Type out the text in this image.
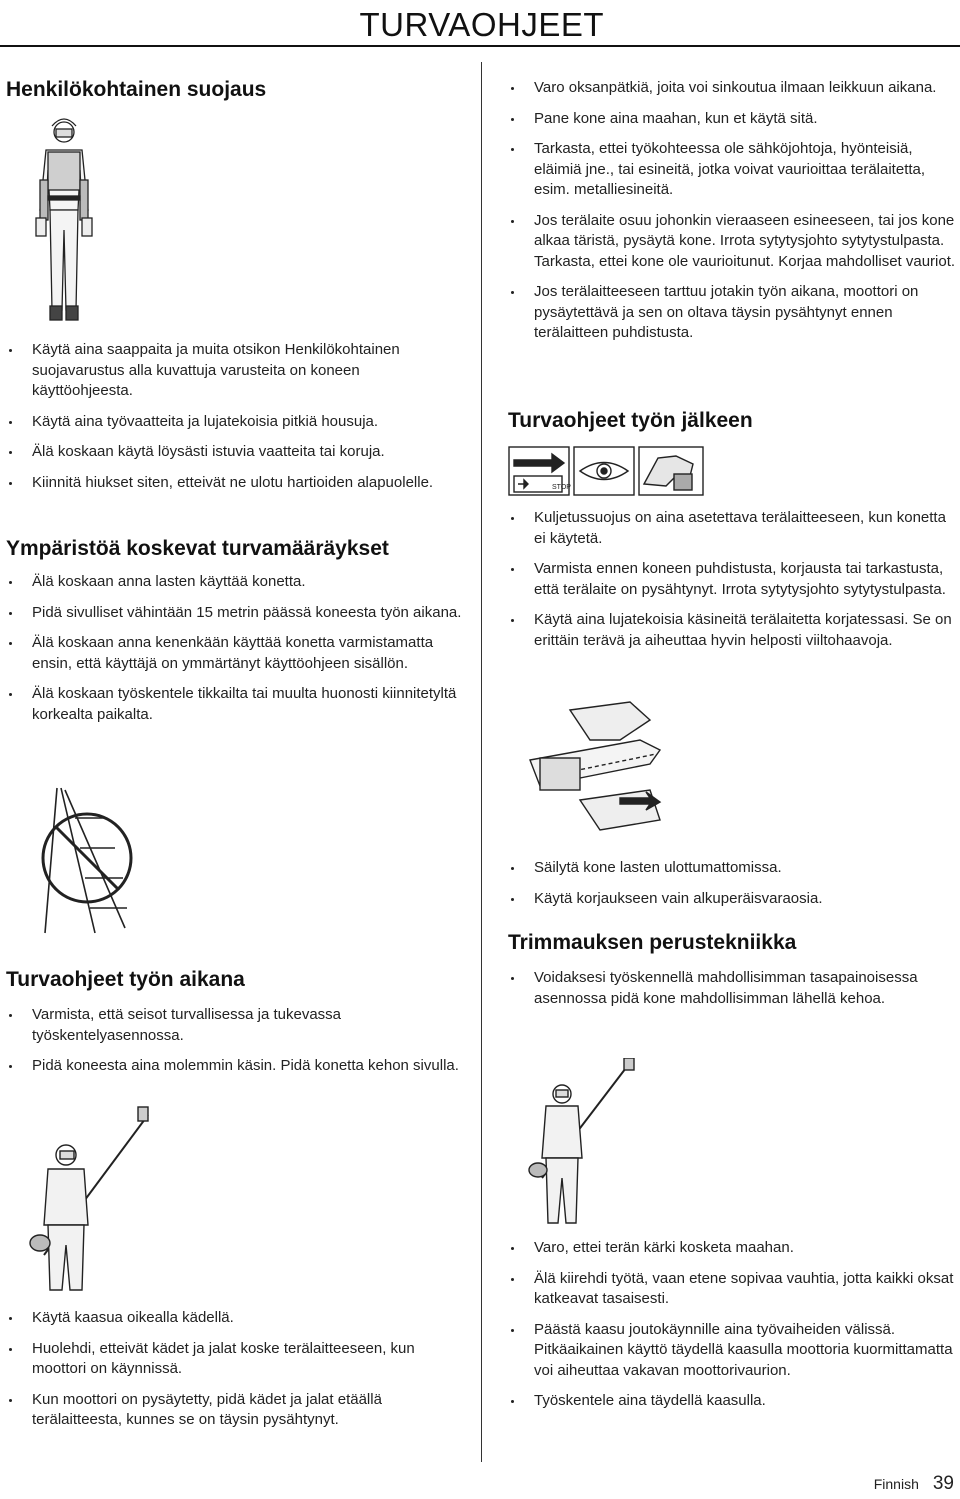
TURVAOHJEET
Henkilökohtainen suojaus
Käytä aina saappaita ja muita otsikon Henkilökohtainen suojavarustus alla kuvattuja varusteita on koneen käyttöohjeesta.
Käytä aina työvaatteita ja lujatekoisia pitkiä housuja.
Älä koskaan käytä löysästi istuvia vaatteita tai koruja.
Kiinnitä hiukset siten, etteivät ne ulotu hartioiden alapuolelle.
Ympäristöä koskevat turvamääräykset
Älä koskaan anna lasten käyttää konetta.
Pidä sivulliset vähintään 15 metrin päässä koneesta työn aikana.
Älä koskaan anna kenenkään käyttää konetta varmistamatta ensin, että käyttäjä on ymmärtänyt käyttöohjeen sisällön.
Älä koskaan työskentele tikkailta tai muulta huonosti kiinnitetyltä korkealta paikalta.
Turvaohjeet työn aikana
Varmista, että seisot turvallisessa ja tukevassa työskentelyasennossa.
Pidä koneesta aina molemmin käsin. Pidä konetta kehon sivulla.
Käytä kaasua oikealla kädellä.
Huolehdi, etteivät kädet ja jalat koske terälaitteeseen, kun moottori on käynnissä.
Kun moottori on pysäytetty, pidä kädet ja jalat etäällä terälaitteesta, kunnes se on täysin pysähtynyt.
Varo oksanpätkiä, joita voi sinkoutua ilmaan leikkuun aikana.
Pane kone aina maahan, kun et käytä sitä.
Tarkasta, ettei työkohteessa ole sähköjohtoja, hyönteisiä, eläimiä jne., tai esineitä, jotka voivat vaurioittaa terälaitetta, esim. metalliesineitä.
Jos terälaite osuu johonkin vieraaseen esineeseen, tai jos kone alkaa täristä, pysäytä kone. Irrota sytytysjohto sytytystulpasta. Tarkasta, ettei kone ole vaurioitunut. Korjaa mahdolliset vauriot.
Jos terälaitteeseen tarttuu jotakin työn aikana, moottori on pysäytettävä ja sen on oltava täysin pysähtynyt ennen terälaitteen puhdistusta.
Turvaohjeet työn jälkeen
STOP
Kuljetussuojus on aina asetettava terälaitteeseen, kun konetta ei käytetä.
Varmista ennen koneen puhdistusta, korjausta tai tarkastusta, että terälaite on pysähtynyt. Irrota sytytysjohto sytytystulpasta.
Käytä aina lujatekoisia käsineitä terälaitetta korjatessasi. Se on erittäin terävä ja aiheuttaa hyvin helposti viiltohaavoja.
Säilytä kone lasten ulottumattomissa.
Käytä korjaukseen vain alkuperäisvaraosia.
Trimmauksen perustekniikka
Voidaksesi työskennellä mahdollisimman tasapainoisessa asennossa pidä kone mahdollisimman lähellä kehoa.
Varo, ettei terän kärki kosketa maahan.
Älä kiirehdi työtä, vaan etene sopivaa vauhtia, jotta kaikki oksat katkeavat tasaisesti.
Päästä kaasu joutokäynnille aina työvaiheiden välissä. Pitkäaikainen käyttö täydellä kaasulla moottoria kuormittamatta voi aiheuttaa vakavan moottorivaurion.
Työskentele aina täydellä kaasulla.
Finnish 39
